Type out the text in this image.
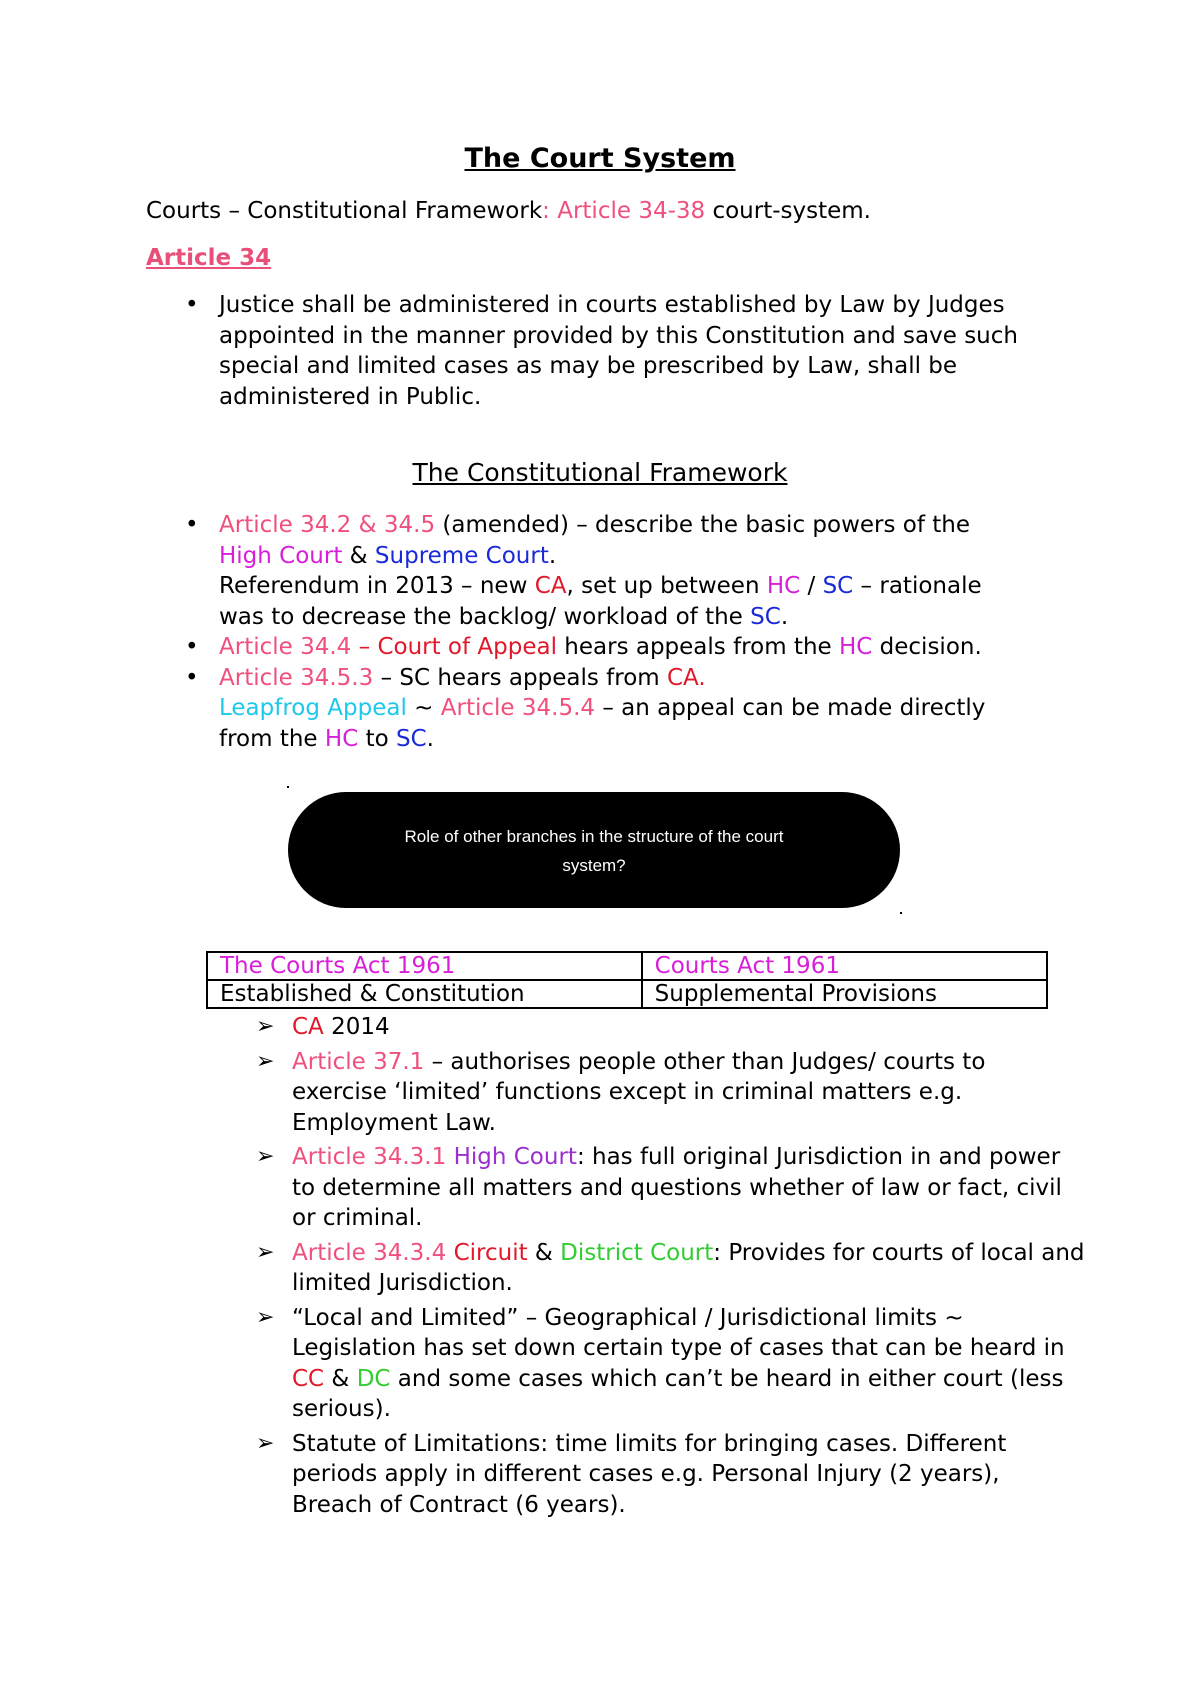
The Court System
Courts – Constitutional Framework: Article 34-38 court-system.
Article 34
• Justice shall be administered in courts established by Law by Judges appointed in the manner provided by this Constitution and save such special and limited cases as may be prescribed by Law, shall be administered in Public.
The Constitutional Framework
• Article 34.2 & 34.5 (amended) – describe the basic powers of the
High Court & Supreme Court.
Referendum in 2013 – new CA, set up between HC / SC – rationale
was to decrease the backlog/ workload of the SC.
• Article 34.4 – Court of Appeal hears appeals from the HC decision.
• Article 34.5.3 – SC hears appeals from CA.
Leapfrog Appeal ~ Article 34.5.4 – an appeal can be made directly
from the HC to SC.
Role of other branches in the structure of the court
system?
The Courts Act 1961	Courts Act 1961
Established & Constitution	Supplemental Provisions
➢ CA 2014
➢ Article 37.1 – authorises people other than Judges/ courts to exercise ‘limited’ functions except in criminal matters e.g. Employment Law.
➢ Article 34.3.1 High Court: has full original Jurisdiction in and power to determine all matters and questions whether of law or fact, civil or criminal.
➢ Article 34.3.4 Circuit & District Court: Provides for courts of local and limited Jurisdiction.
➢ “Local and Limited” – Geographical / Jurisdictional limits ~ Legislation has set down certain type of cases that can be heard in CC & DC and some cases which can’t be heard in either court (less serious).
➢ Statute of Limitations: time limits for bringing cases. Different periods apply in different cases e.g. Personal Injury (2 years), Breach of Contract (6 years).
